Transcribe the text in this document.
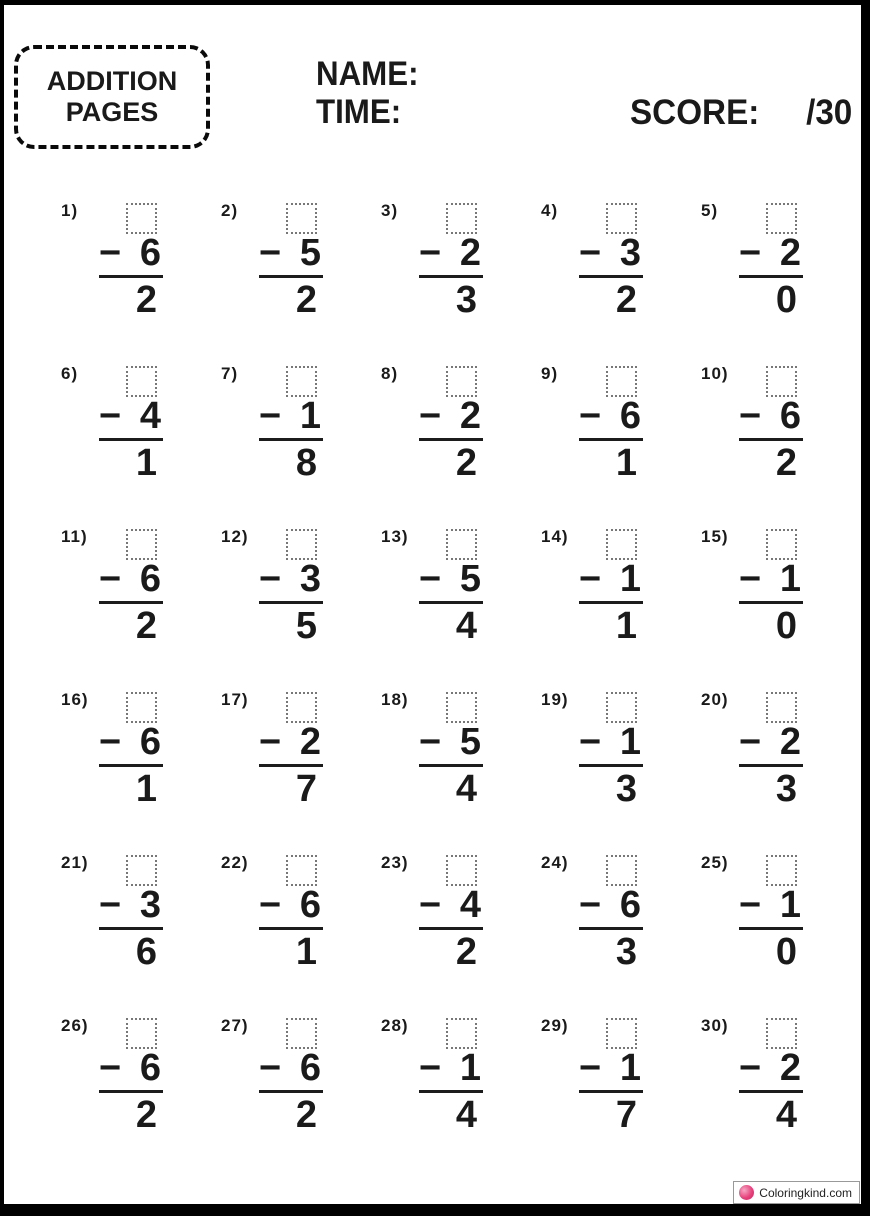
ADDITION
PAGES
NAME:
TIME:	SCORE: /30
1)
− 6
2
2)
− 5
2
3)
− 2
3
4)
− 3
2
5)
− 2
0
6)
− 4
1
7)
− 1
8
8)
− 2
2
9)
− 6
1
10)
− 6
2
11)
− 6
2
12)
− 3
5
13)
− 5
4
14)
− 1
1
15)
− 1
0
16)
− 6
1
17)
− 2
7
18)
− 5
4
19)
− 1
3
20)
− 2
3
21)
− 3
6
22)
− 6
1
23)
− 4
2
24)
− 6
3
25)
− 1
0
26)
− 6
2
27)
− 6
2
28)
− 1
4
29)
− 1
7
30)
− 2
4
Coloringkind.com
